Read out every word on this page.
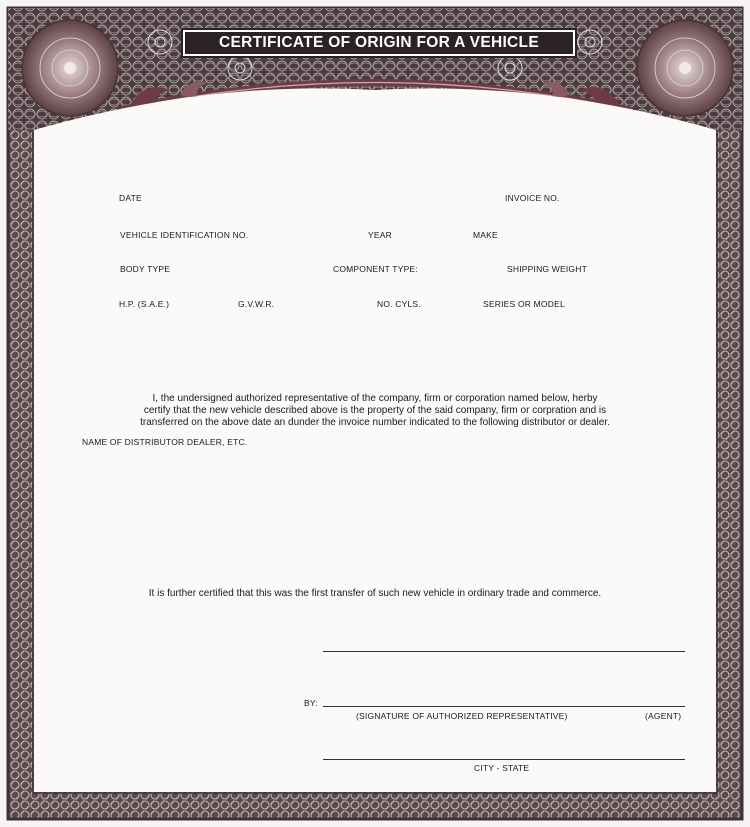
CERTIFICATE OF ORIGIN FOR A VEHICLE
DATE	INVOICE NO.
VEHICLE IDENTIFICATION NO.	YEAR	MAKE
BODY TYPE	COMPONENT TYPE:	SHIPPING WEIGHT
H.P. (S.A.E.)	G.V.W.R.	NO. CYLS.	SERIES OR MODEL
I, the undersigned authorized representative of the company, firm or corporation named below, herby
certify that the new vehicle described above is the property of the said company, firm or corpration and is
transferred on the above date an dunder the invoice number indicated to the following distributor or dealer.
NAME OF DISTRIBUTOR DEALER, ETC.
It is further certified that this was the first transfer of such new vehicle in ordinary trade and commerce.
BY:
(SIGNATURE OF AUTHORIZED REPRESENTATIVE)	(AGENT)
CITY - STATE
